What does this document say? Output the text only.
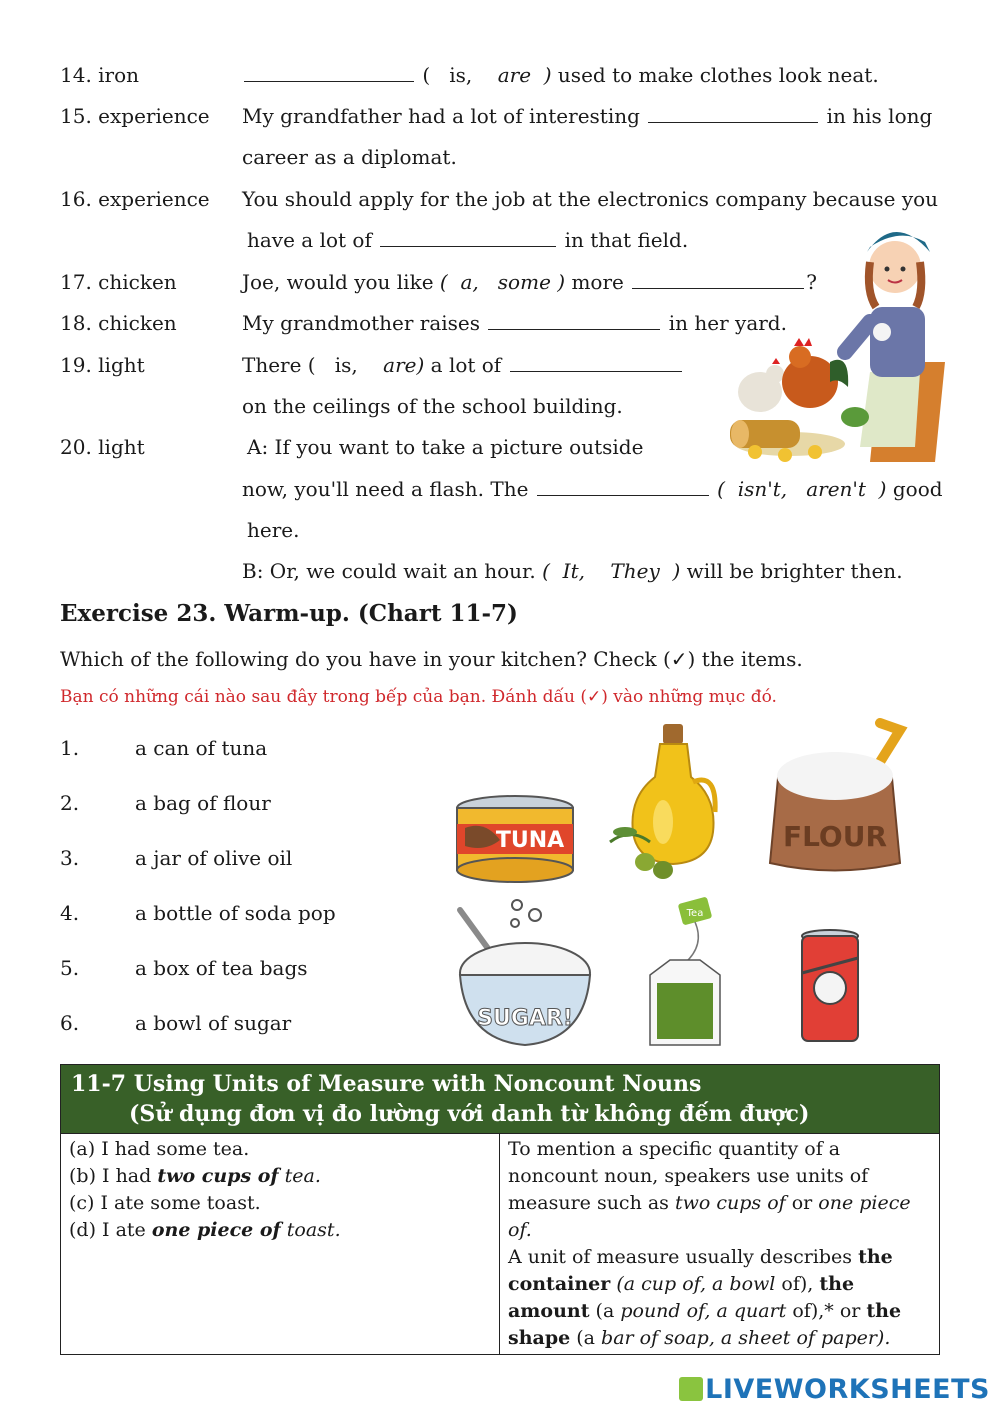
14. iron	(   is, are ) used to make clothes look neat.
15. experience My grandfather had a lot of interesting	in his long
career as a diplomat.
16. experience You should apply for the job at the electronics company because you
have a lot of	in that field.
17. chicken	Joe, would you like (  a, some ) more	?
18. chicken	My grandmother raises	in her yard.
19. light	There ( is, are) a lot of
on the ceilings of the school building.
20. light	A: If you want to take a picture outside
now, you'll need a flash. The	(  isn't, aren't  ) good
here.
B: Or, we could wait an hour. (  It, They  ) will be brighter then.
Exercise 23. Warm-up. (Chart 11-7)
Which of the following do you have in your kitchen? Check (✓) the items.
Bạn có những cái nào sau đây trong bếp của bạn. Đánh dấu (✓) vào những mục đó.
1.	a can of tuna
2.	a bag of flour
3.	a jar of olive oil
4.	a bottle of soda pop
5.	a box of tea bags
6.	a bowl of sugar
TUNA	FLOUR
SUGAR!
Tea
11-7 Using Units of Measure with Noncount Nouns
(Sử dụng đơn vị đo lường với danh từ không đếm được)

(a) I had some tea.
(b) I had two cups of tea.
(c) I ate some toast.
(d) I ate one piece of toast.

To mention a specific quantity of a noncount noun, speakers use units of measure such as two cups of or one piece of.
A unit of measure usually describes the container (a cup of, a bowl of), the amount (a pound of, a quart of),* or the shape (a bar of soap, a sheet of paper).
LIVEWORKSHEETS
